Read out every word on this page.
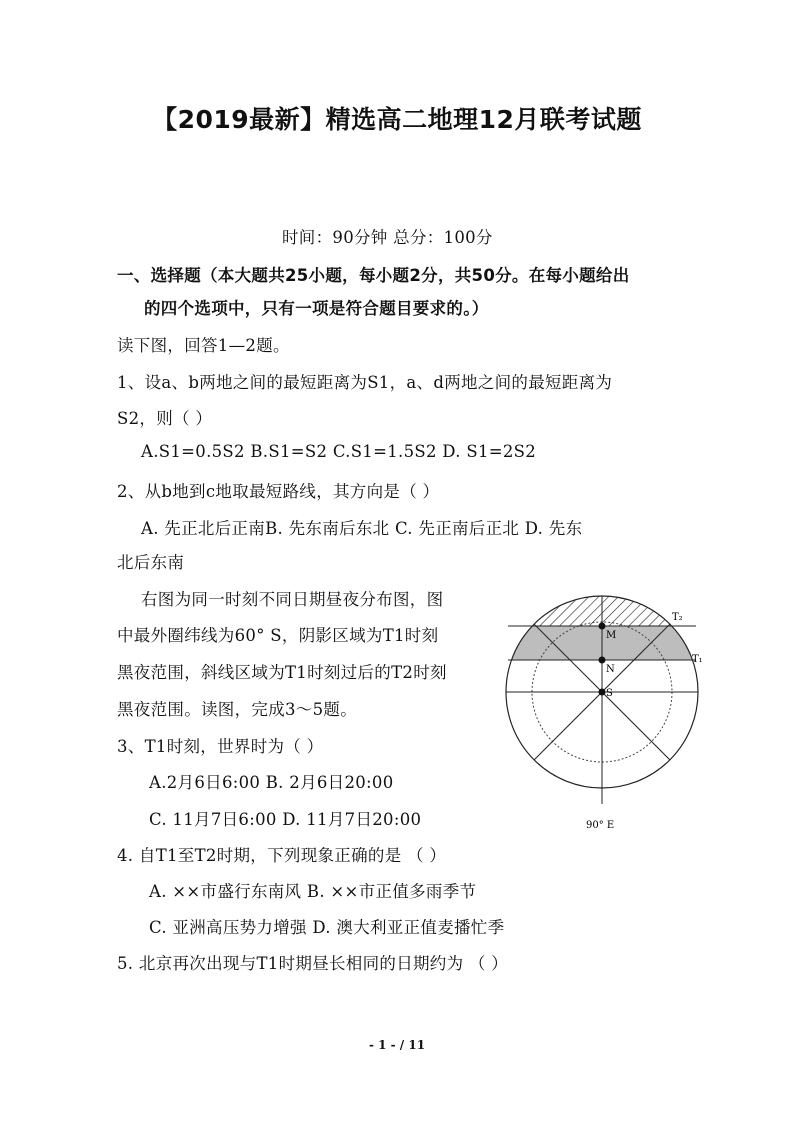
【2019最新】精选高二地理12月联考试题
时间：90分钟 总分：100分
一、选择题（本大题共25小题，每小题2分，共50分。在每小题给出
的四个选项中，只有一项是符合题目要求的。）
读下图，回答1—2题。
1、设a、b两地之间的最短距离为S1，a、d两地之间的最短距离为
S2，则（ ）
A.S1=0.5S2 B.S1=S2 C.S1=1.5S2 D. S1=2S2
2、从b地到c地取最短路线，其方向是（ ）
A. 先正北后正南B. 先东南后东北 C. 先正南后正北 D. 先东
北后东南
右图为同一时刻不同日期昼夜分布图，图
中最外圈纬线为60° S，阴影区域为T1时刻
黑夜范围，斜线区域为T1时刻过后的T2时刻
黑夜范围。读图，完成3～5题。
3、T1时刻，世界时为（ ）
A.2月6日6:00 B. 2月6日20:00
C. 11月7日6:00 D. 11月7日20:00
4. 自T1至T2时期，下列现象正确的是 （ ）
A. ××市盛行东南风 B. ××市正值多雨季节
C. 亚洲高压势力增强 D. 澳大利亚正值麦播忙季
5. 北京再次出现与T1时期昼长相同的日期约为 （ ）
M
N
S
T₂
T₁
90° E
- 1 - / 11
